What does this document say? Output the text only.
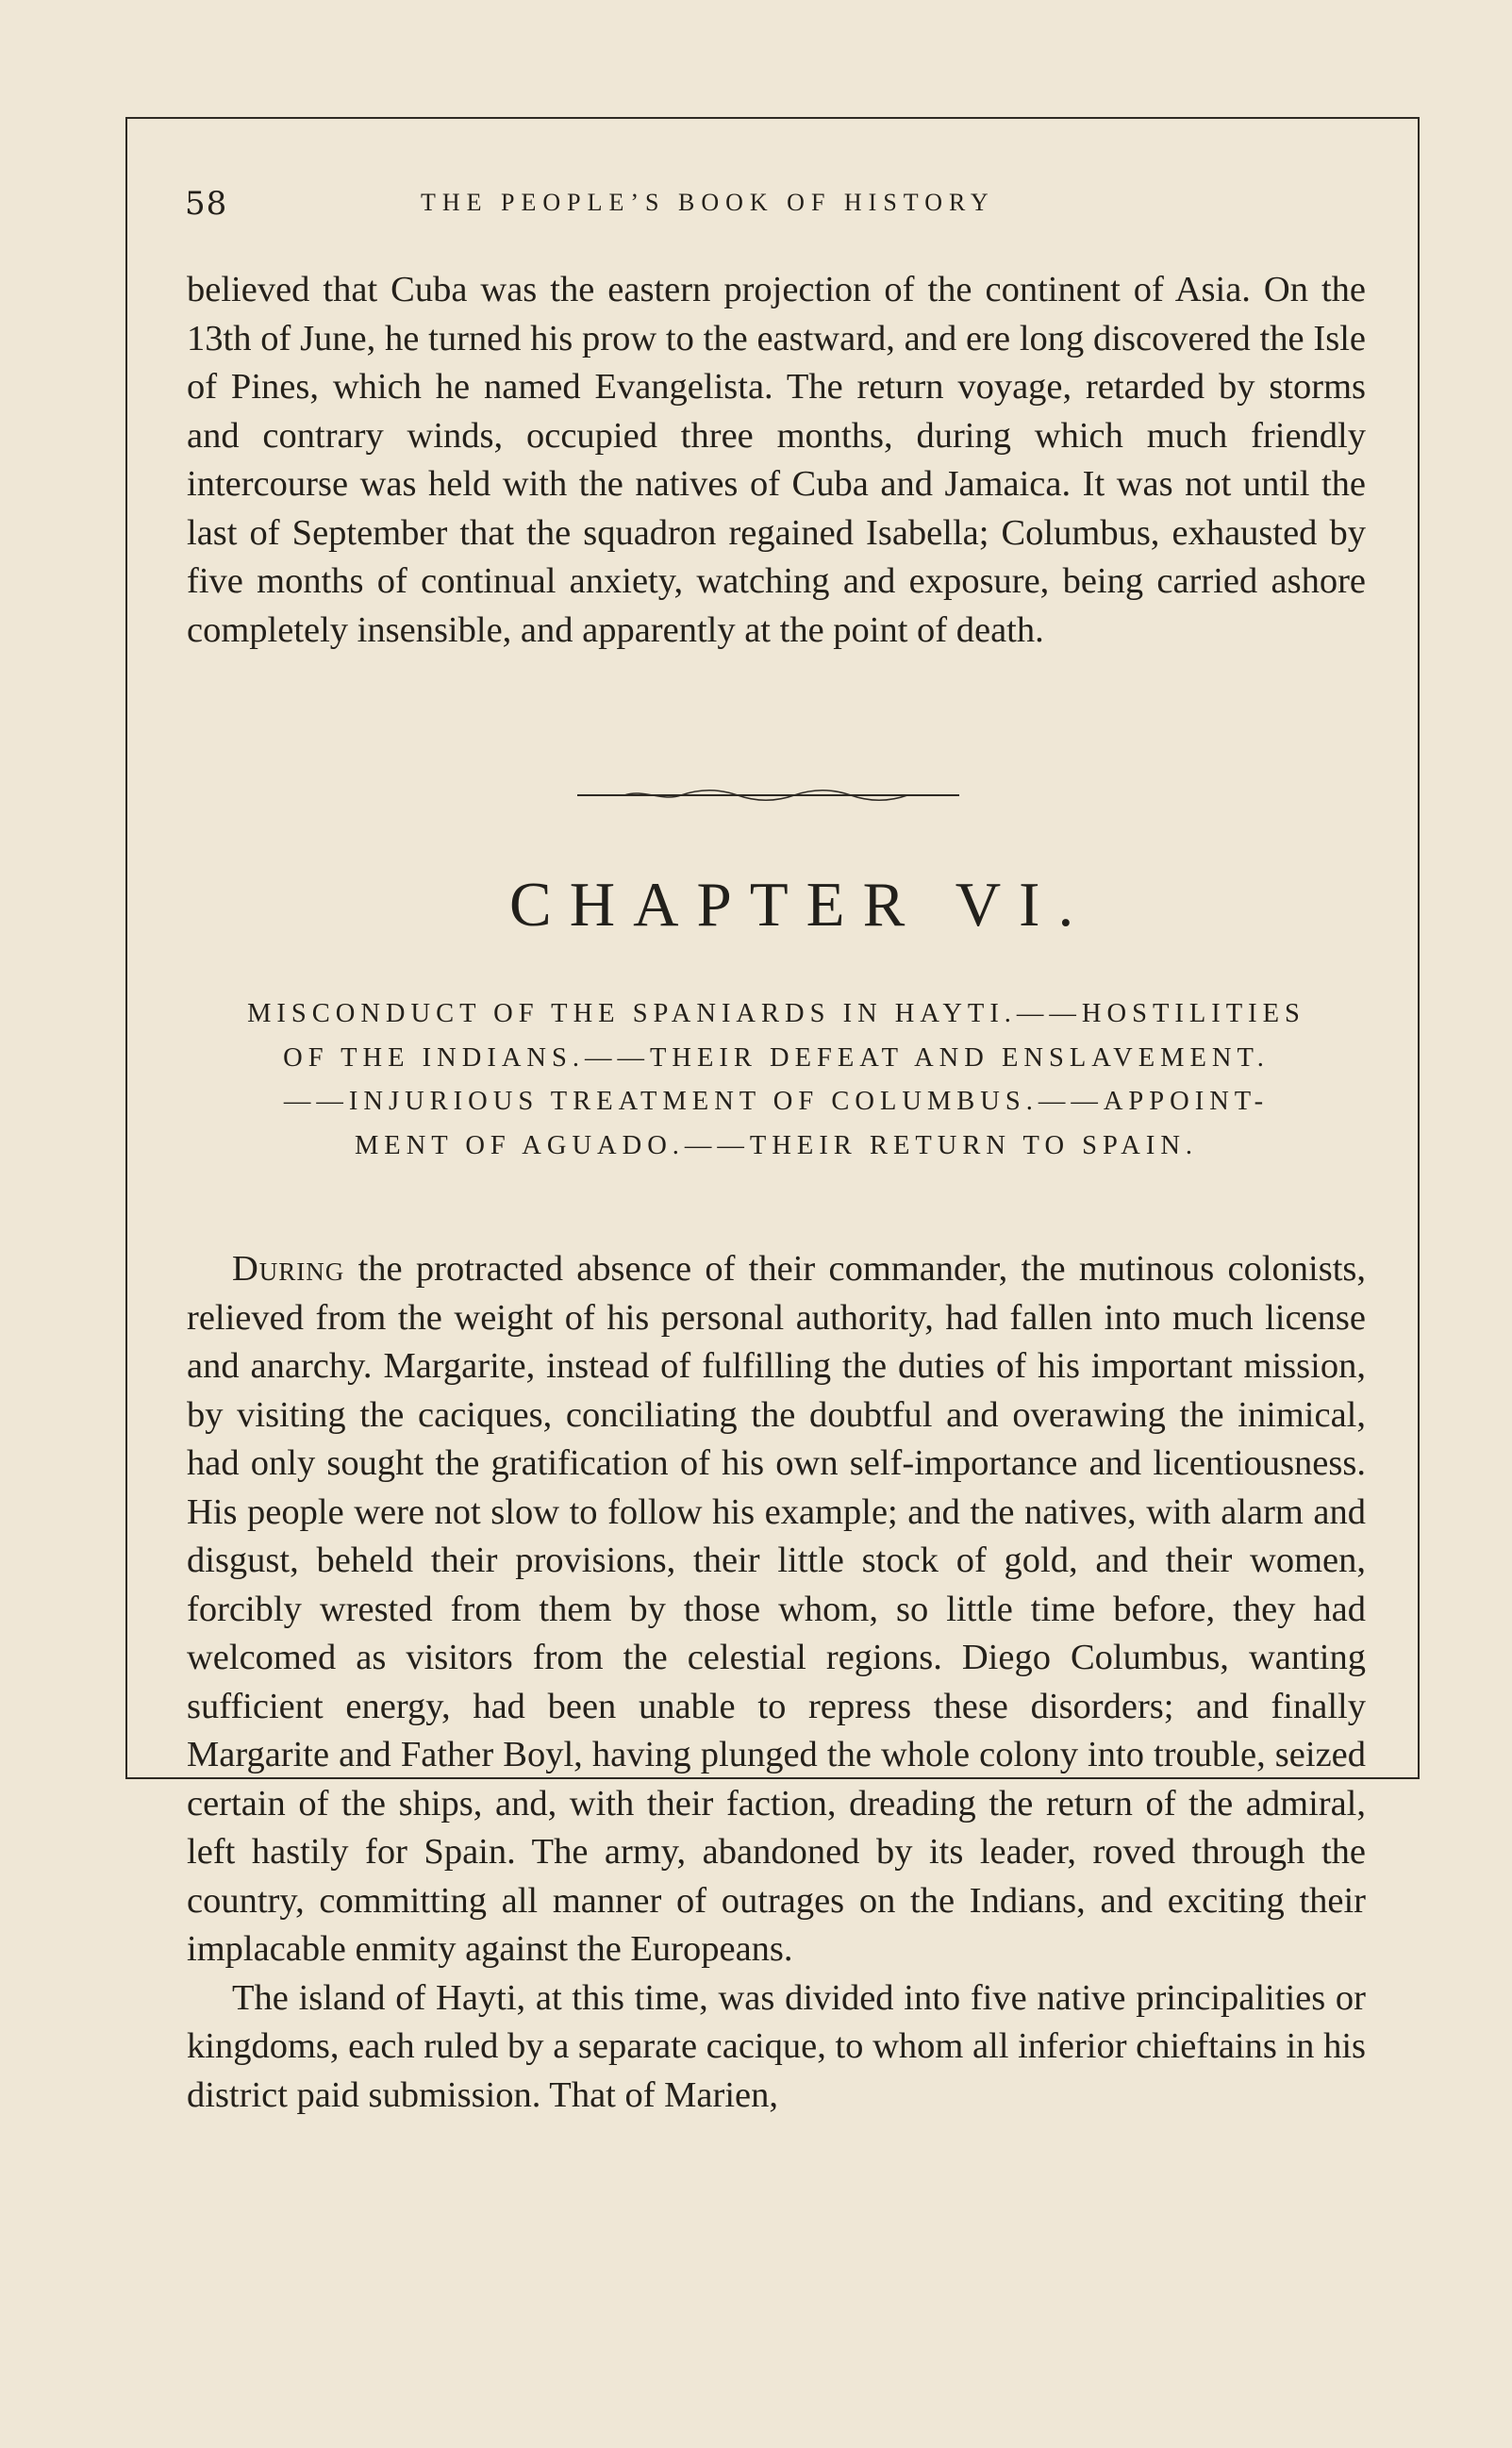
58	THE PEOPLE’S BOOK OF HISTORY

believed that Cuba was the eastern projection of the continent of Asia. On the 13th of June, he turned his prow to the eastward, and ere long discovered the Isle of Pines, which he named Evangelista. The return voyage, retarded by storms and contrary winds, occupied three months, during which much friendly intercourse was held with the natives of Cuba and Jamaica. It was not until the last of September that the squadron regained Isabella; Columbus, exhausted by five months of continual anxiety, watching and exposure, being carried ashore completely insensible, and apparently at the point of death.

CHAPTER VI.
MISCONDUCT OF THE SPANIARDS IN HAYTI.——HOSTILITIES
OF THE INDIANS.——THEIR DEFEAT AND ENSLAVEMENT.
——INJURIOUS TREATMENT OF COLUMBUS.——APPOINT-
MENT OF AGUADO.——THEIR RETURN TO SPAIN.

During the protracted absence of their commander, the mutinous colonists, relieved from the weight of his personal authority, had fallen into much license and anarchy. Margarite, instead of fulfilling the duties of his important mission, by visiting the caciques, conciliating the doubtful and overawing the inimical, had only sought the gratification of his own self-importance and licentiousness. His people were not slow to follow his example; and the natives, with alarm and disgust, beheld their provisions, their little stock of gold, and their women, forcibly wrested from them by those whom, so little time before, they had welcomed as visitors from the celestial regions. Diego Columbus, wanting sufficient energy, had been unable to repress these disorders; and finally Margarite and Father Boyl, having plunged the whole colony into trouble, seized certain of the ships, and, with their faction, dreading the return of the admiral, left hastily for Spain. The army, abandoned by its leader, roved through the country, committing all manner of outrages on the Indians, and exciting their implacable enmity against the Europeans.

The island of Hayti, at this time, was divided into five native principalities or kingdoms, each ruled by a separate cacique, to whom all inferior chieftains in his district paid submission. That of Marien,
